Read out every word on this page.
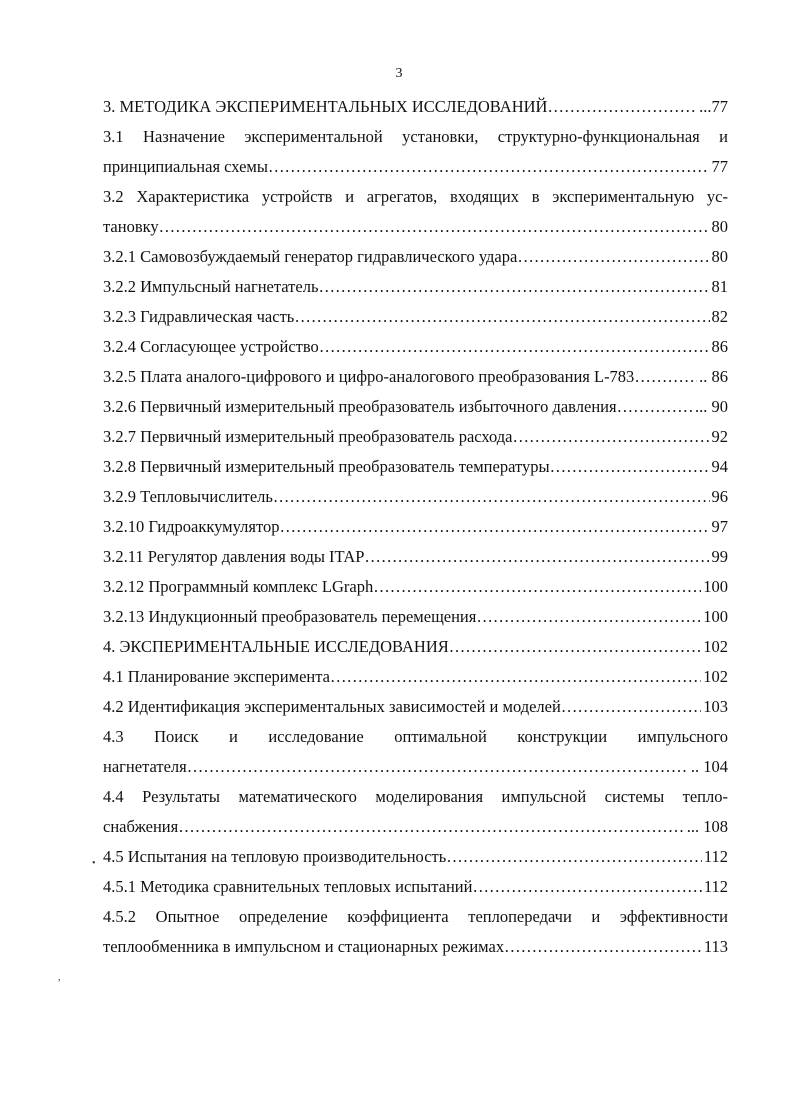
3
3. МЕТОДИКА ЭКСПЕРИМЕНТАЛЬНЫХ ИССЛЕДОВАНИЙ ……………………………………………………………………………………………………………………………………………………	...77
3.1 Назначение экспериментальной установки, структурно-функциональная и
принципиальная схемы ……………………………………………………………………………………………………………………………………………………	77
3.2 Характеристика устройств и агрегатов, входящих в экспериментальную ус-
тановку ……………………………………………………………………………………………………………………………………………………	80
3.2.1 Самовозбуждаемый генератор гидравлического удара ……………………………………………………………………………………………………………………………………………………	80
3.2.2 Импульсный нагнетатель ……………………………………………………………………………………………………………………………………………………	81
3.2.3 Гидравлическая часть ……………………………………………………………………………………………………………………………………………………	82
3.2.4 Согласующее устройство ……………………………………………………………………………………………………………………………………………………	86
3.2.5 Плата аналого-цифрового и цифро-аналогового преобразования L-783 ……………………………………………………………………………………………………………………………………………………	.. 86
3.2.6 Первичный измерительный преобразователь избыточного давления ……………………………………………………………………………………………………………………………………………………	... 90
3.2.7 Первичный измерительный преобразователь расхода ……………………………………………………………………………………………………………………………………………………	92
3.2.8 Первичный измерительный преобразователь температуры ……………………………………………………………………………………………………………………………………………………	94
3.2.9 Тепловычислитель ……………………………………………………………………………………………………………………………………………………	96
3.2.10 Гидроаккумулятор ……………………………………………………………………………………………………………………………………………………	97
3.2.11 Регулятор давления воды ITAP ……………………………………………………………………………………………………………………………………………………	99
3.2.12 Программный комплекс LGraph ……………………………………………………………………………………………………………………………………………………	100
3.2.13 Индукционный преобразователь перемещения ……………………………………………………………………………………………………………………………………………………	100
4. ЭКСПЕРИМЕНТАЛЬНЫЕ ИССЛЕДОВАНИЯ ……………………………………………………………………………………………………………………………………………………	102
4.1 Планирование эксперимента ……………………………………………………………………………………………………………………………………………………	102
4.2 Идентификация экспериментальных зависимостей и моделей ……………………………………………………………………………………………………………………………………………………	103
4.3 Поиск и исследование оптимальной конструкции импульсного
нагнетателя ……………………………………………………………………………………………………………………………………………………	.. 104
4.4 Результаты математического моделирования импульсной системы тепло-
снабжения ……………………………………………………………………………………………………………………………………………………	... 108
4.5 Испытания на тепловую производительность ……………………………………………………………………………………………………………………………………………………	112
4.5.1 Методика сравнительных тепловых испытаний ……………………………………………………………………………………………………………………………………………………	112
4.5.2 Опытное определение коэффициента теплопередачи и эффективности
теплообменника в импульсном и стационарных режимах ……………………………………………………………………………………………………………………………………………………	113
•
,
